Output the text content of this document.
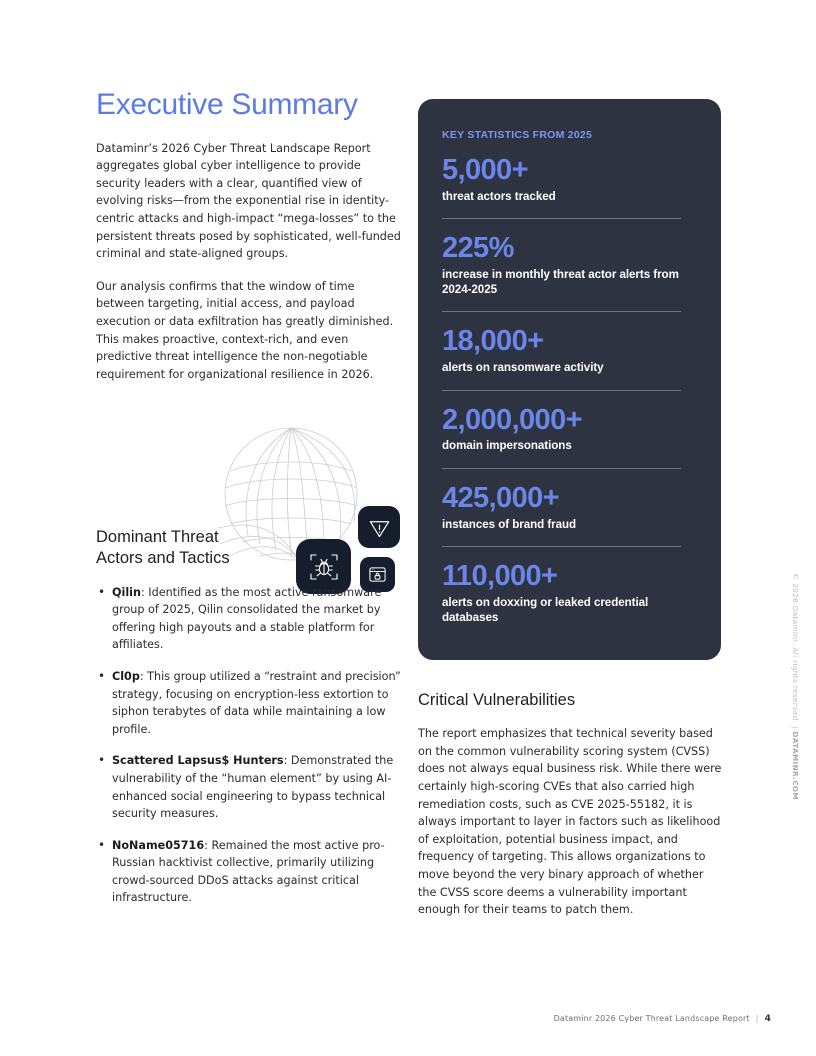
Executive Summary

Dataminr’s 2026 Cyber Threat Landscape Report aggregates global cyber intelligence to provide security leaders with a clear, quantified view of evolving risks—from the exponential rise in identity-centric attacks and high-impact “mega-losses” to the persistent threats posed by sophisticated, well-funded criminal and state-aligned groups.

Our analysis confirms that the window of time between targeting, initial access, and payload execution or data exfiltration has greatly diminished. This makes proactive, context-rich, and even predictive threat intelligence the non-negotiable requirement for organizational resilience in 2026.

Dominant Threat Actors and Tactics
• Qilin: Identified as the most active ransomware group of 2025, Qilin consolidated the market by offering high payouts and a stable platform for affiliates.
• Cl0p: This group utilized a “restraint and precision” strategy, focusing on encryption-less extortion to siphon terabytes of data while maintaining a low profile.
• Scattered Lapsus$ Hunters: Demonstrated the vulnerability of the “human element” by using AI-enhanced social engineering to bypass technical security measures.
• NoName05716: Remained the most active pro-Russian hacktivist collective, primarily utilizing crowd-sourced DDoS attacks against critical infrastructure.
KEY STATISTICS FROM 2025
5,000+
threat actors tracked
225%
increase in monthly threat actor alerts from 2024-2025
18,000+
alerts on ransomware activity
2,000,000+
domain impersonations
425,000+
instances of brand fraud
110,000+
alerts on doxxing or leaked credential databases
Critical Vulnerabilities

The report emphasizes that technical severity based on the common vulnerability scoring system (CVSS) does not always equal business risk. While there were certainly high-scoring CVEs that also carried high remediation costs, such as CVE 2025-55182, it is always important to layer in factors such as likelihood of exploitation, potential business impact, and frequency of targeting. This allows organizations to move beyond the very binary approach of whether the CVSS score deems a vulnerability important enough for their teams to patch them.

Dataminr 2026 Cyber Threat Landscape Report | 4
© 2026 Dataminr. All rights reserved. | DATAMINR.COM
